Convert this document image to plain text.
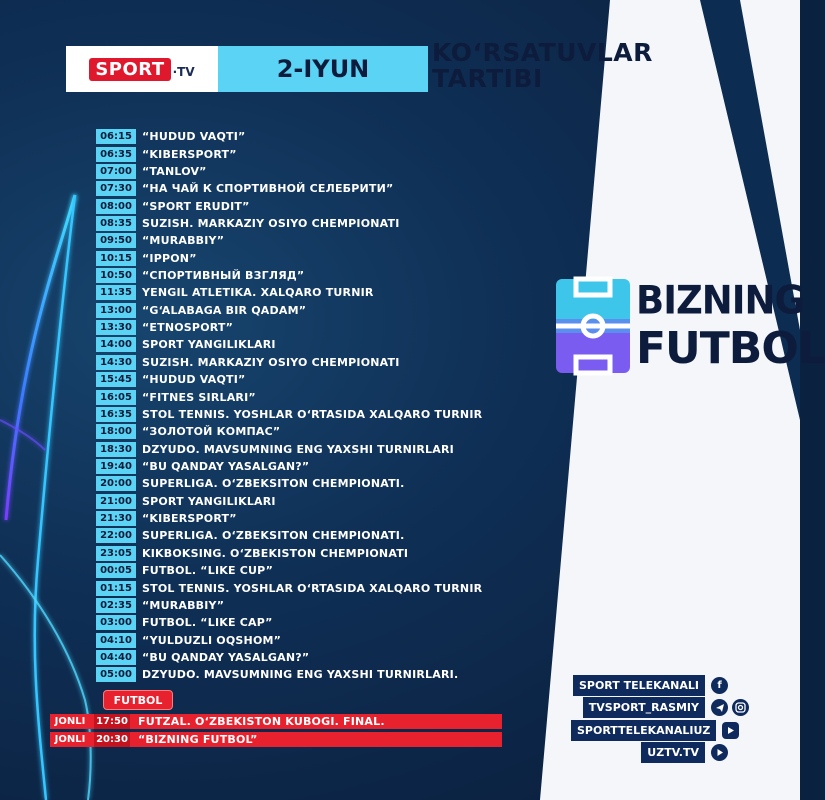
SPORT ·TV	2-IYUN
KO‘RSATUVLAR
TARTIBI
06:15 “HUDUD VAQTI”
06:35 “KIBERSPORT”
07:00 “TANLOV”
07:30 “НА ЧАЙ К СПОРТИВНОЙ СЕЛЕБРИТИ”
08:00 “SPORT ERUDIT”
08:35 SUZISH. MARKAZIY OSIYO CHEMPIONATI
09:50 “MURABBIY”
10:15 “IPPON”
10:50 “СПОРТИВНЫЙ ВЗГЛЯД”
11:35 YENGIL ATLETIKA. XALQARO TURNIR
13:00 “G‘ALABAGA BIR QADAM”
13:30 “ETNOSPORT”
14:00 SPORT YANGILIKLARI
14:30 SUZISH. MARKAZIY OSIYO CHEMPIONATI
15:45 “HUDUD VAQTI”
16:05 “FITNES SIRLARI”
16:35 STOL TENNIS. YOSHLAR O‘RTASIDA XALQARO TURNIR
18:00 “ЗОЛОТОЙ КОМПАС”
18:30 DZYUDO. MAVSUMNING ENG YAXSHI TURNIRLARI
19:40 “BU QANDAY YASALGAN?”
20:00 SUPERLIGA. O‘ZBEKSITON CHEMPIONATI.
21:00 SPORT YANGILIKLARI
21:30 “KIBERSPORT”
22:00 SUPERLIGA. O‘ZBEKSITON CHEMPIONATI.
23:05 KIKBOKSING. O‘ZBEKISTON CHEMPIONATI
00:05 FUTBOL. “LIKE CUP”
01:15 STOL TENNIS. YOSHLAR O‘RTASIDA XALQARO TURNIR
02:35 “MURABBIY”
03:00 FUTBOL. “LIKE CAP”
04:10 “YULDUZLI OQSHOM”
04:40 “BU QANDAY YASALGAN?”
05:00 DZYUDO. MAVSUMNING ENG YAXSHI TURNIRLARI.
FUTBOL
JONLI	17:50 FUTZAL. O‘ZBEKISTON KUBOGI. FINAL.
JONLI	20:30 “BIZNING FUTBOL”
BIZNING
FUTBOL
SPORT TELEKANALI	f
TVSPORT_RASMIY
SPORTTELEKANALIUZ
UZTV.TV
